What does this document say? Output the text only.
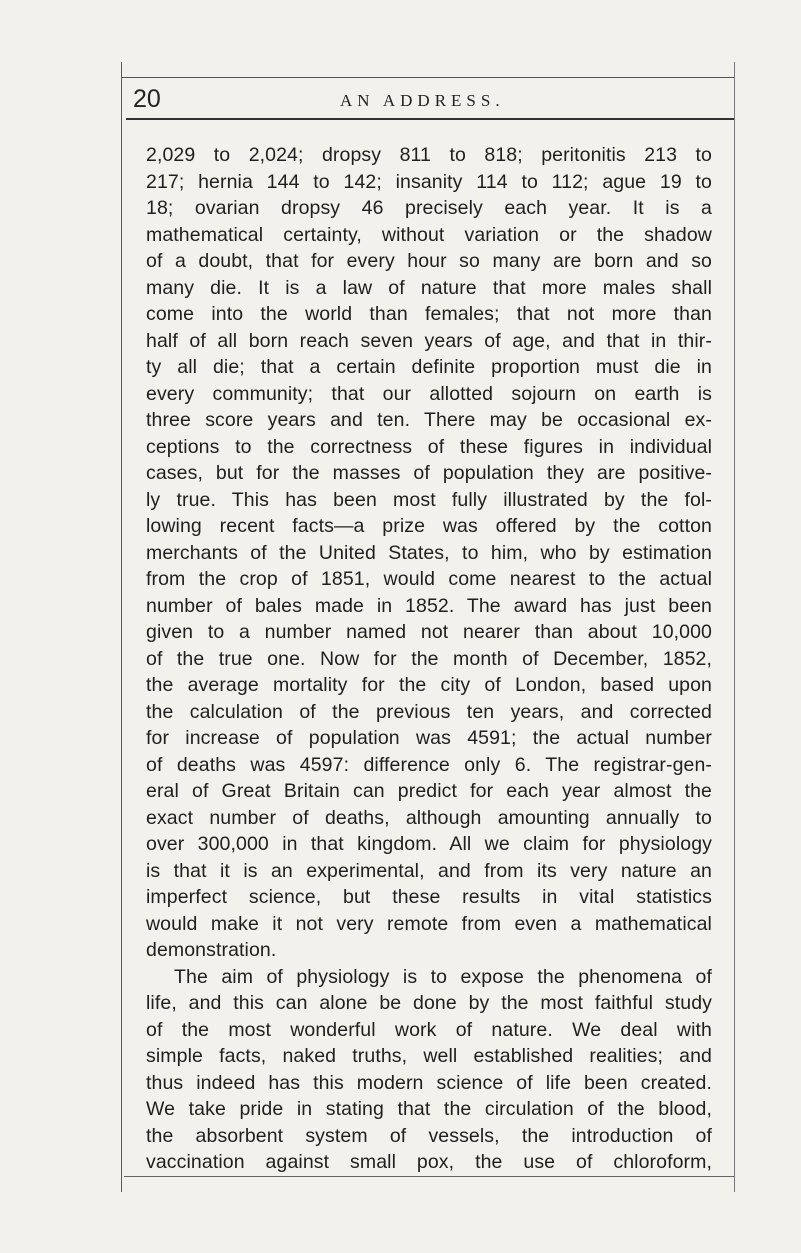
20	AN ADDRESS.
2,029 to 2,024; dropsy 811 to 818; peritonitis 213 to
217; hernia 144 to 142; insanity 114 to 112; ague 19 to
18; ovarian dropsy 46 precisely each year. It is a
mathematical certainty, without variation or the shadow
of a doubt, that for every hour so many are born and so
many die. It is a law of nature that more males shall
come into the world than females; that not more than
half of all born reach seven years of age, and that in thir-
ty all die; that a certain definite proportion must die in
every community; that our allotted sojourn on earth is
three score years and ten. There may be occasional ex-
ceptions to the correctness of these figures in individual
cases, but for the masses of population they are positive-
ly true. This has been most fully illustrated by the fol-
lowing recent facts—a prize was offered by the cotton
merchants of the United States, to him, who by estimation
from the crop of 1851, would come nearest to the actual
number of bales made in 1852. The award has just been
given to a number named not nearer than about 10,000
of the true one. Now for the month of December, 1852,
the average mortality for the city of London, based upon
the calculation of the previous ten years, and corrected
for increase of population was 4591; the actual number
of deaths was 4597: difference only 6. The registrar-gen-
eral of Great Britain can predict for each year almost the
exact number of deaths, although amounting annually to
over 300,000 in that kingdom. All we claim for physiology
is that it is an experimental, and from its very nature an
imperfect science, but these results in vital statistics
would make it not very remote from even a mathematical
demonstration.
The aim of physiology is to expose the phenomena of
life, and this can alone be done by the most faithful study
of the most wonderful work of nature. We deal with
simple facts, naked truths, well established realities; and
thus indeed has this modern science of life been created.
We take pride in stating that the circulation of the blood,
the absorbent system of vessels, the introduction of
vaccination against small pox, the use of chloroform,
